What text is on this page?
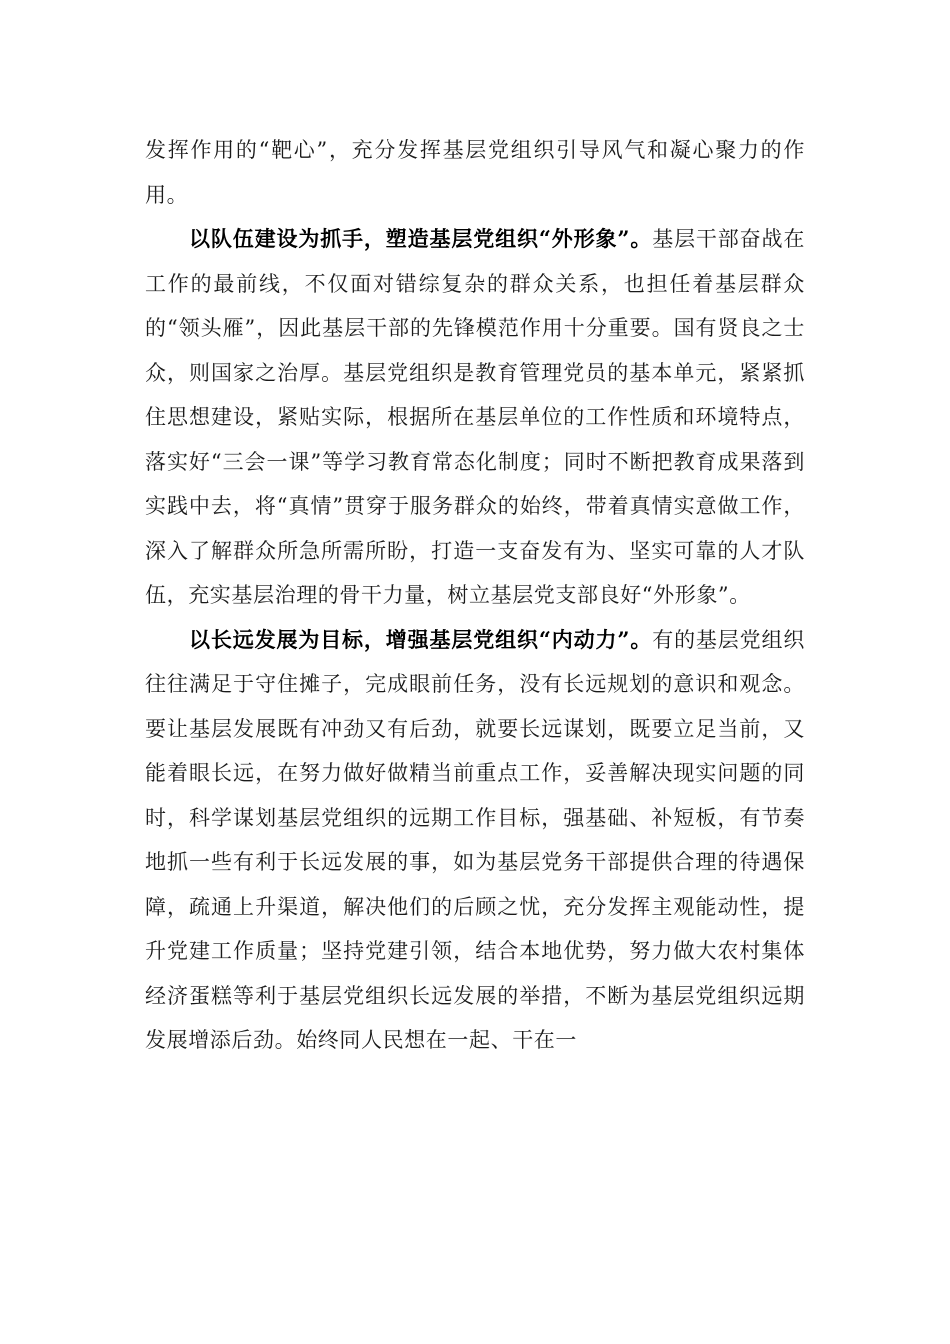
发挥作用的“靶心”，充分发挥基层党组织引导风气和凝心聚力的作用。

以队伍建设为抓手，塑造基层党组织“外形象”。基层干部奋战在工作的最前线，不仅面对错综复杂的群众关系，也担任着基层群众的“领头雁”，因此基层干部的先锋模范作用十分重要。国有贤良之士众，则国家之治厚。基层党组织是教育管理党员的基本单元，紧紧抓住思想建设，紧贴实际，根据所在基层单位的工作性质和环境特点，落实好“三会一课”等学习教育常态化制度；同时不断把教育成果落到实践中去，将“真情”贯穿于服务群众的始终，带着真情实意做工作，深入了解群众所急所需所盼，打造一支奋发有为、坚实可靠的人才队伍，充实基层治理的骨干力量，树立基层党支部良好“外形象”。

以长远发展为目标，增强基层党组织“内动力”。有的基层党组织往往满足于守住摊子，完成眼前任务，没有长远规划的意识和观念。要让基层发展既有冲劲又有后劲，就要长远谋划，既要立足当前，又能着眼长远，在努力做好做精当前重点工作，妥善解决现实问题的同时，科学谋划基层党组织的远期工作目标，强基础、补短板，有节奏地抓一些有利于长远发展的事，如为基层党务干部提供合理的待遇保障，疏通上升渠道，解决他们的后顾之忧，充分发挥主观能动性，提升党建工作质量；坚持党建引领，结合本地优势，努力做大农村集体经济蛋糕等利于基层党组织长远发展的举措，不断为基层党组织远期发展增添后劲。始终同人民想在一起、干在一
